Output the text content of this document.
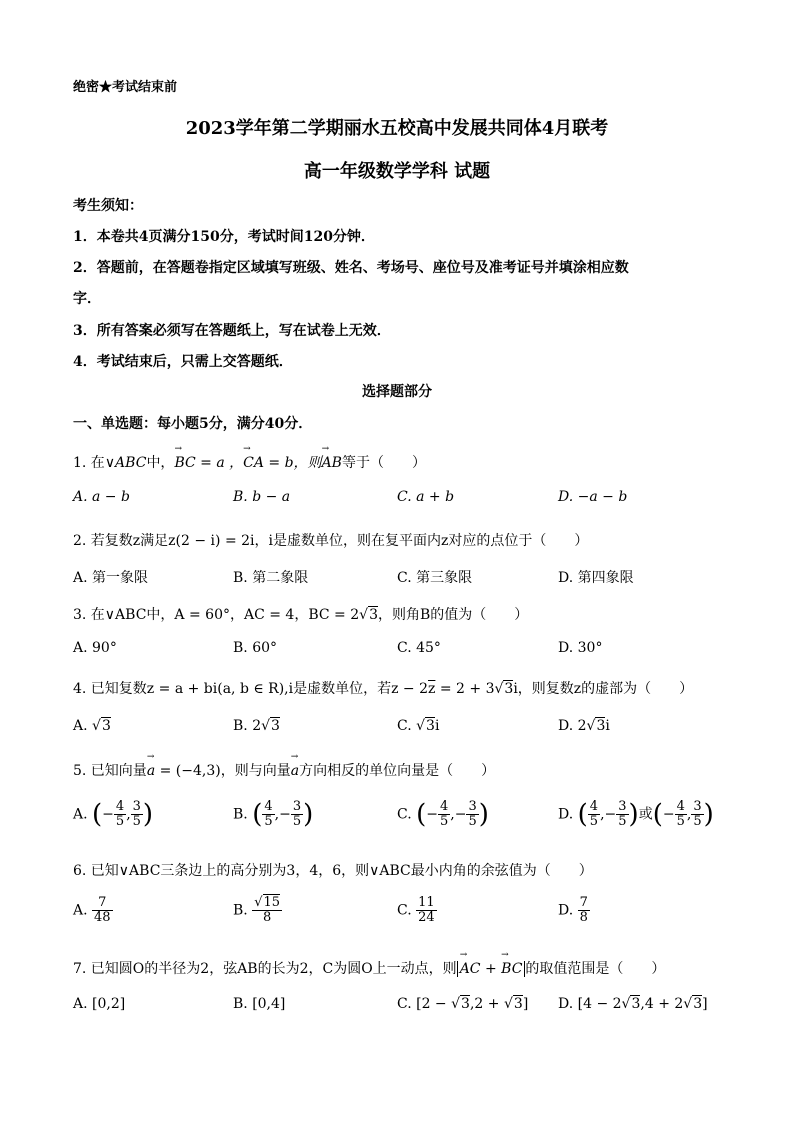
绝密★考试结束前
2023学年第二学期丽水五校高中发展共同体4月联考
高一年级数学学科 试题
考生须知：
1．本卷共4页满分150分，考试时间120分钟．
2．答题前，在答题卷指定区域填写班级、姓名、考场号、座位号及准考证号并填涂相应数
字．
3．所有答案必须写在答题纸上，写在试卷上无效．
4．考试结束后，只需上交答题纸．
选择题部分
一、单选题：每小题5分，满分40分．
1. 在∨ABC中，→ BC = a ，→ CA = b，则→ AB等于（　　）
A. a − b	B. b − a	C. a + b	D. −a − b
2. 若复数z满足z(2 − i) = 2i，i是虚数单位，则在复平面内z对应的点位于（　　）
A. 第一象限	B. 第二象限	C. 第三象限	D. 第四象限
3. 在∨ABC中，A = 60°，AC = 4，BC = 2√3，则角B的值为（　　）
A. 90°	B. 60°	C. 45°	D. 30°
4. 已知复数z = a + bi(a, b ∈ R),i是虚数单位，若$z - 2\overline{z} = 2 + 3√3i$，则复数z的虚部为（　　）
A. √3	B. 2√3	C. √3i	D. 2√3i
5. 已知向量→ a = (−4,3)，则与向量→ a方向相反的单位向量是（　　）
A. (− $\frac{4}{5}$ , $\frac{3}{5}$ )	B. ( $\frac{4}{5}$ ,− $\frac{3}{5}$ )	C. (− $\frac{4}{5}$ ,− $\frac{3}{5}$ )	D. ( $\frac{4}{5}$ ,− $\frac{3}{5}$ )或(− $\frac{4}{5}$ , $\frac{3}{5}$ )
6. 已知∨ABC三条边上的高分别为3，4，6，则∨ABC最小内角的余弦值为（　　）
A. $\frac{7}{48}$	B. $\frac{√15}{8}$	C. $\frac{11}{24}$	D. $\frac{7}{8}$
7. 已知圆O的半径为2，弦AB的长为2，C为圆O上一动点，则 → AC + → BC 的取值范围是（　　）
A. [0,2]	B. [0,4]	C. [2 − √3,2 + √3] D. [4 − 2√3,4 + 2√3]
